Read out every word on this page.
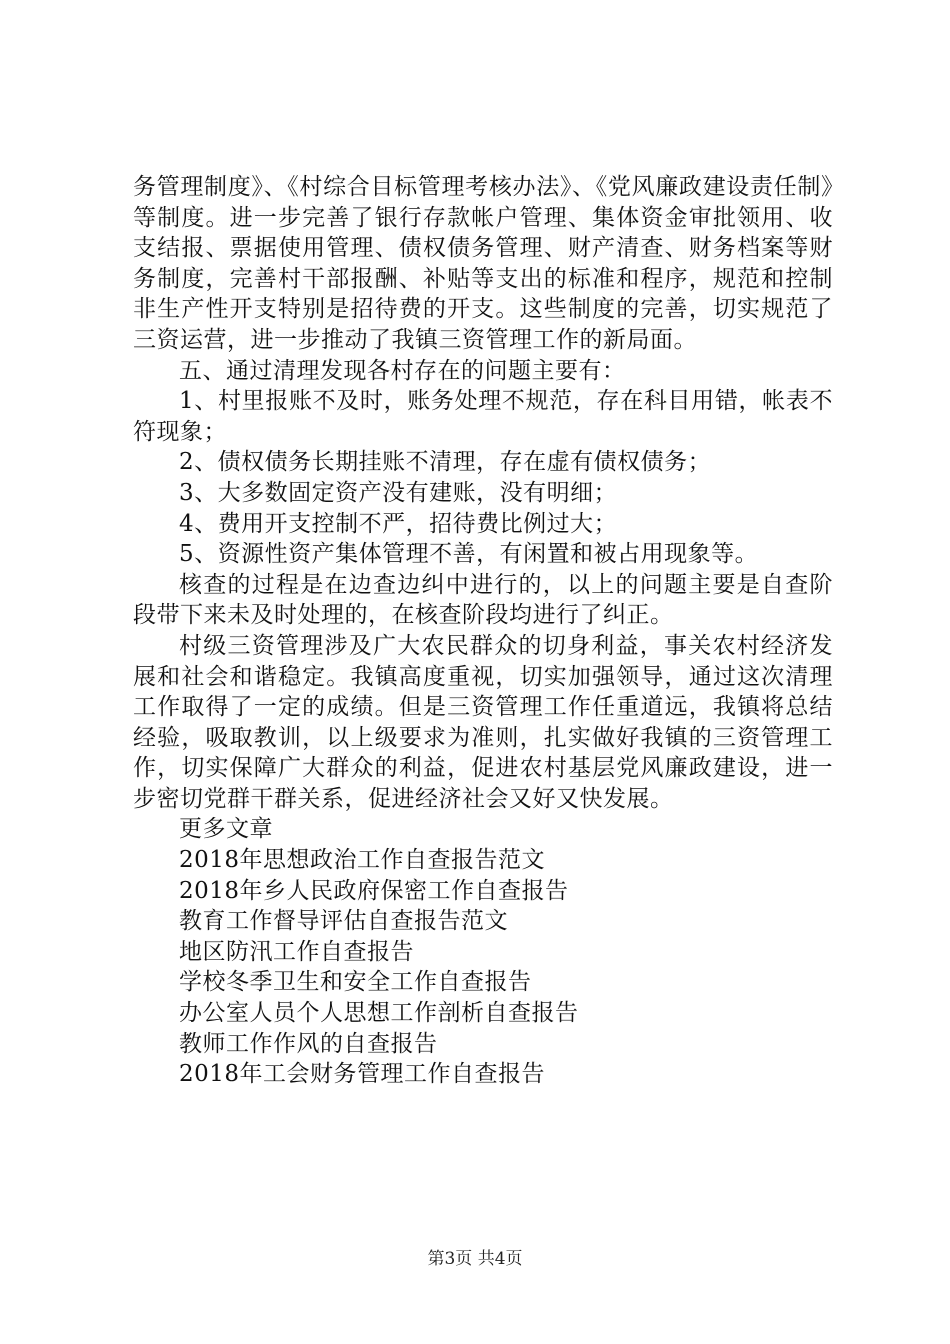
务管理制度》、《村综合目标管理考核办法》、《党风廉政建设责任制》等制度。进一步完善了银行存款帐户管理、集体资金审批领用、收支结报、票据使用管理、债权债务管理、财产清查、财务档案等财务制度，完善村干部报酬、补贴等支出的标准和程序，规范和控制非生产性开支特别是招待费的开支。这些制度的完善，切实规范了三资运营，进一步推动了我镇三资管理工作的新局面。

五、通过清理发现各村存在的问题主要有：

1、村里报账不及时，账务处理不规范，存在科目用错，帐表不符现象；

2、债权债务长期挂账不清理，存在虚有债权债务；

3、大多数固定资产没有建账，没有明细；

4、费用开支控制不严，招待费比例过大；

5、资源性资产集体管理不善，有闲置和被占用现象等。

核查的过程是在边查边纠中进行的，以上的问题主要是自查阶段带下来未及时处理的，在核查阶段均进行了纠正。

村级三资管理涉及广大农民群众的切身利益，事关农村经济发展和社会和谐稳定。我镇高度重视，切实加强领导，通过这次清理工作取得了一定的成绩。但是三资管理工作任重道远，我镇将总结经验，吸取教训，以上级要求为准则，扎实做好我镇的三资管理工作，切实保障广大群众的利益，促进农村基层党风廉政建设，进一步密切党群干群关系，促进经济社会又好又快发展。

更多文章
2018年思想政治工作自查报告范文
2018年乡人民政府保密工作自查报告
教育工作督导评估自查报告范文
地区防汛工作自查报告
学校冬季卫生和安全工作自查报告
办公室人员个人思想工作剖析自查报告
教师工作作风的自查报告
2018年工会财务管理工作自查报告
第3页 共4页
